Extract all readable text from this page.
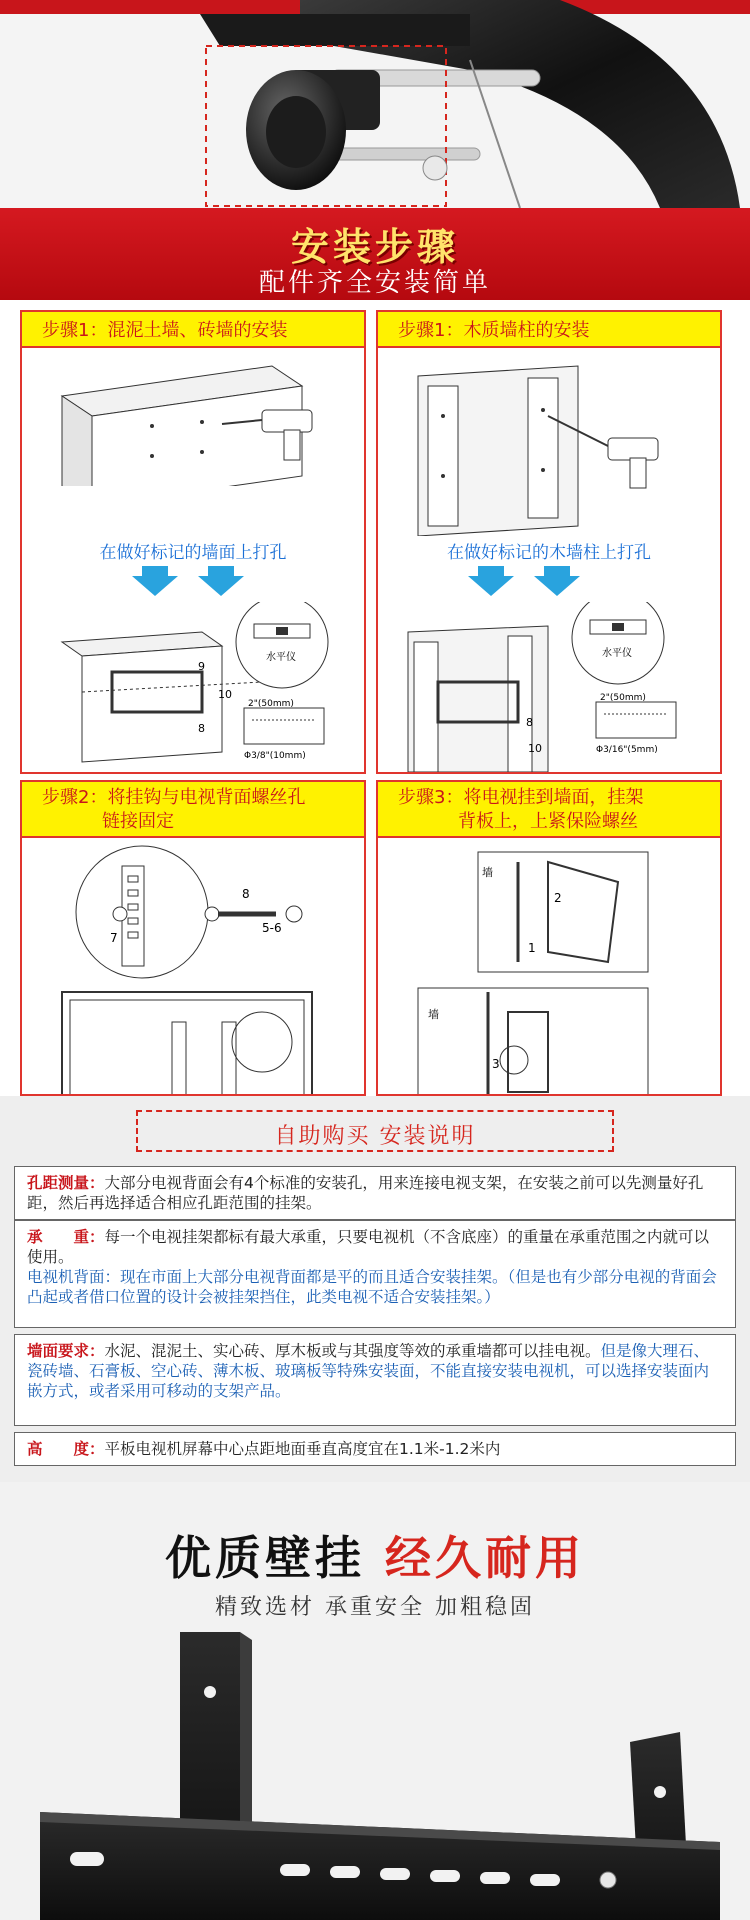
安装步骤
配件齐全安装简单
步骤1：混泥土墙、砖墙的安装
在做好标记的墙面上打孔
水平仪
9
10
8
2"(50mm)
Φ3/8"(10mm)
步骤1：木质墙柱的安装
在做好标记的木墙柱上打孔
水平仪
8
10
2"(50mm)
Φ3/16"(5mm)
步骤2：将挂钩与电视背面螺丝孔
链接固定
7
8
5-6
步骤3：将电视挂到墙面，挂架
背板上，上紧保险螺丝
墙
2
1
墙
3
自助购买 安装说明
孔距测量：大部分电视背面会有4个标准的安装孔，用来连接电视支架，在安装之前可以先测量好孔距，然后再选择适合相应孔距范围的挂架。
承　　重：每一个电视挂架都标有最大承重，只要电视机（不含底座）的重量在承重范围之内就可以使用。
电视机背面：现在市面上大部分电视背面都是平的而且适合安装挂架。（但是也有少部分电视的背面会凸起或者借口位置的设计会被挂架挡住，此类电视不适合安装挂架。）
墙面要求：水泥、混泥土、实心砖、厚木板或与其强度等效的承重墙都可以挂电视。但是像大理石、瓷砖墙、石膏板、空心砖、薄木板、玻璃板等特殊安装面，不能直接安装电视机，可以选择安装面内嵌方式，或者采用可移动的支架产品。
高　　度：平板电视机屏幕中心点距地面垂直高度宜在1.1米-1.2米内
优质壁挂 经久耐用
精致选材 承重安全 加粗稳固
